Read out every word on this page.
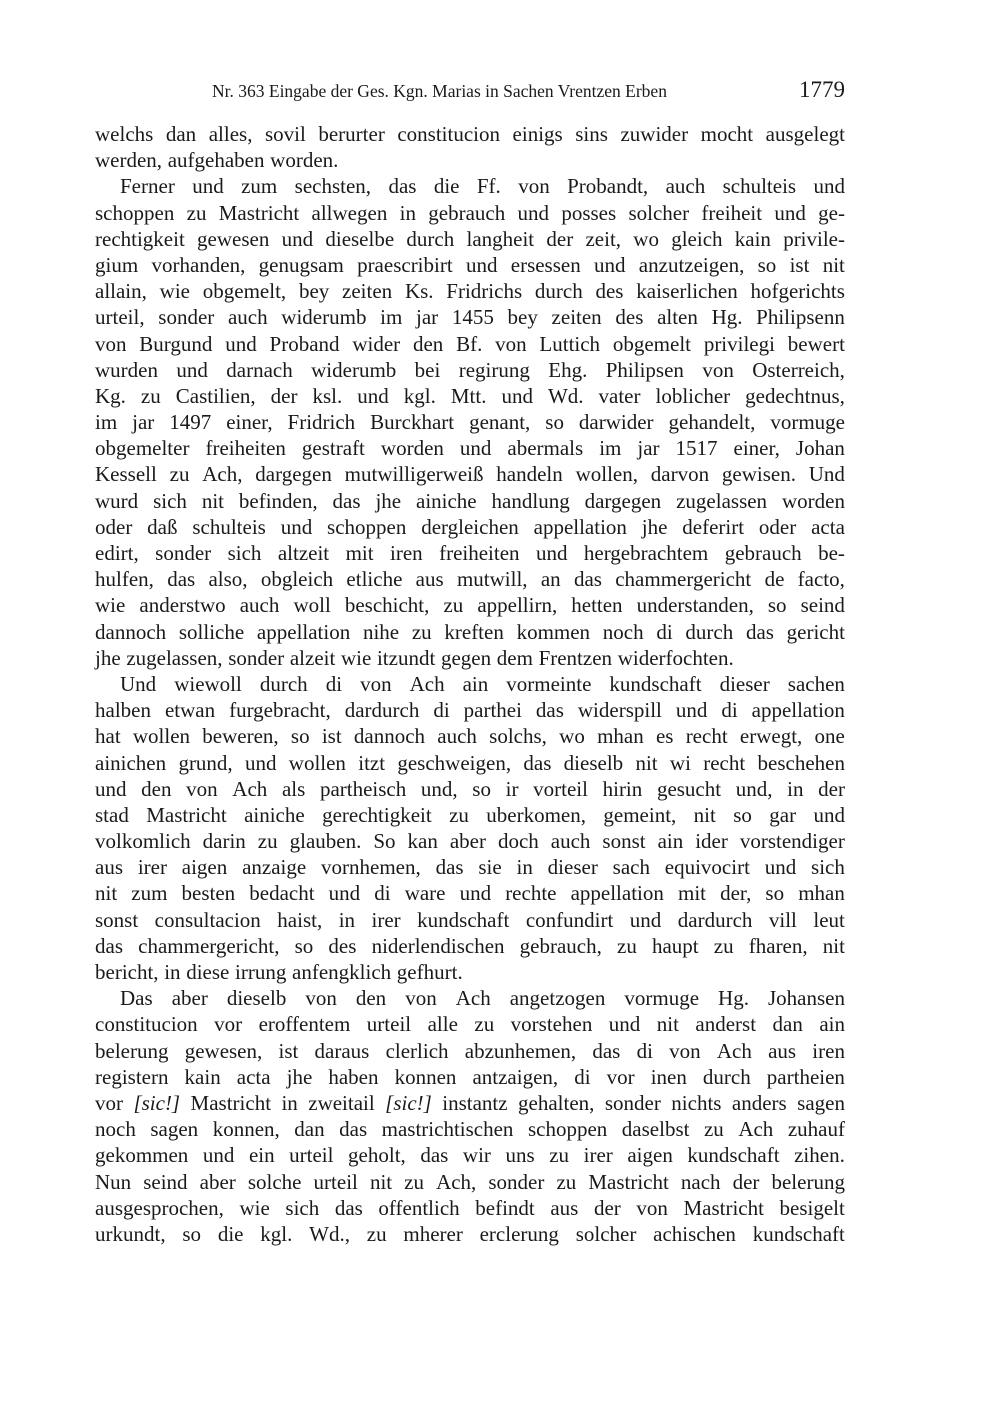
Nr. 363 Eingabe der Ges. Kgn. Marias in Sachen Vrentzen Erben	1779
welchs dan alles, sovil berurter constitucion einigs sins zuwider mocht ausgelegt
werden, aufgehaben worden.
Ferner und zum sechsten, das die Ff. von Probandt, auch schulteis und
schoppen zu Mastricht allwegen in gebrauch und posses solcher freiheit und ge-
rechtigkeit gewesen und dieselbe durch langheit der zeit, wo gleich kain privile-
gium vorhanden, genugsam praescribirt und ersessen und anzutzeigen, so ist nit
allain, wie obgemelt, bey zeiten Ks. Fridrichs durch des kaiserlichen hofgerichts
urteil, sonder auch widerumb im jar 1455 bey zeiten des alten Hg. Philipsenn
von Burgund und Proband wider den Bf. von Luttich obgemelt privilegi bewert
wurden und darnach widerumb bei regirung Ehg. Philipsen von Osterreich,
Kg. zu Castilien, der ksl. und kgl. Mtt. und Wd. vater loblicher gedechtnus,
im jar 1497 einer, Fridrich Burckhart genant, so darwider gehandelt, vormuge
obgemelter freiheiten gestraft worden und abermals im jar 1517 einer, Johan
Kessell zu Ach, dargegen mutwilligerweiß handeln wollen, darvon gewisen. Und
wurd sich nit befinden, das jhe ainiche handlung dargegen zugelassen worden
oder daß schulteis und schoppen dergleichen appellation jhe deferirt oder acta
edirt, sonder sich altzeit mit iren freiheiten und hergebrachtem gebrauch be-
hulfen, das also, obgleich etliche aus mutwill, an das chammergericht de facto,
wie anderstwo auch woll beschicht, zu appellirn, hetten understanden, so seind
dannoch solliche appellation nihe zu kreften kommen noch di durch das gericht
jhe zugelassen, sonder alzeit wie itzundt gegen dem Frentzen widerfochten.
Und wiewoll durch di von Ach ain vormeinte kundschaft dieser sachen
halben etwan furgebracht, dardurch di parthei das widerspill und di appellation
hat wollen beweren, so ist dannoch auch solchs, wo mhan es recht erwegt, one
ainichen grund, und wollen itzt geschweigen, das dieselb nit wi recht beschehen
und den von Ach als partheisch und, so ir vorteil hirin gesucht und, in der
stad Mastricht ainiche gerechtigkeit zu uberkomen, gemeint, nit so gar und
volkomlich darin zu glauben. So kan aber doch auch sonst ain ider vorstendiger
aus irer aigen anzaige vornhemen, das sie in dieser sach equivocirt und sich
nit zum besten bedacht und di ware und rechte appellation mit der, so mhan
sonst consultacion haist, in irer kundschaft confundirt und dardurch vill leut
das chammergericht, so des niderlendischen gebrauch, zu haupt zu fharen, nit
bericht, in diese irrung anfengklich gefhurt.
Das aber dieselb von den von Ach angetzogen vormuge Hg. Johansen
constitucion vor eroffentem urteil alle zu vorstehen und nit anderst dan ain
belerung gewesen, ist daraus clerlich abzunhemen, das di von Ach aus iren
registern kain acta jhe haben konnen antzaigen, di vor inen durch partheien
vor [sic!] Mastricht in zweitail [sic!] instantz gehalten, sonder nichts anders sagen
noch sagen konnen, dan das mastrichtischen schoppen daselbst zu Ach zuhauf
gekommen und ein urteil geholt, das wir uns zu irer aigen kundschaft zihen.
Nun seind aber solche urteil nit zu Ach, sonder zu Mastricht nach der belerung
ausgesprochen, wie sich das offentlich befindt aus der von Mastricht besigelt
urkundt, so die kgl. Wd., zu mherer erclerung solcher achischen kundschaft
